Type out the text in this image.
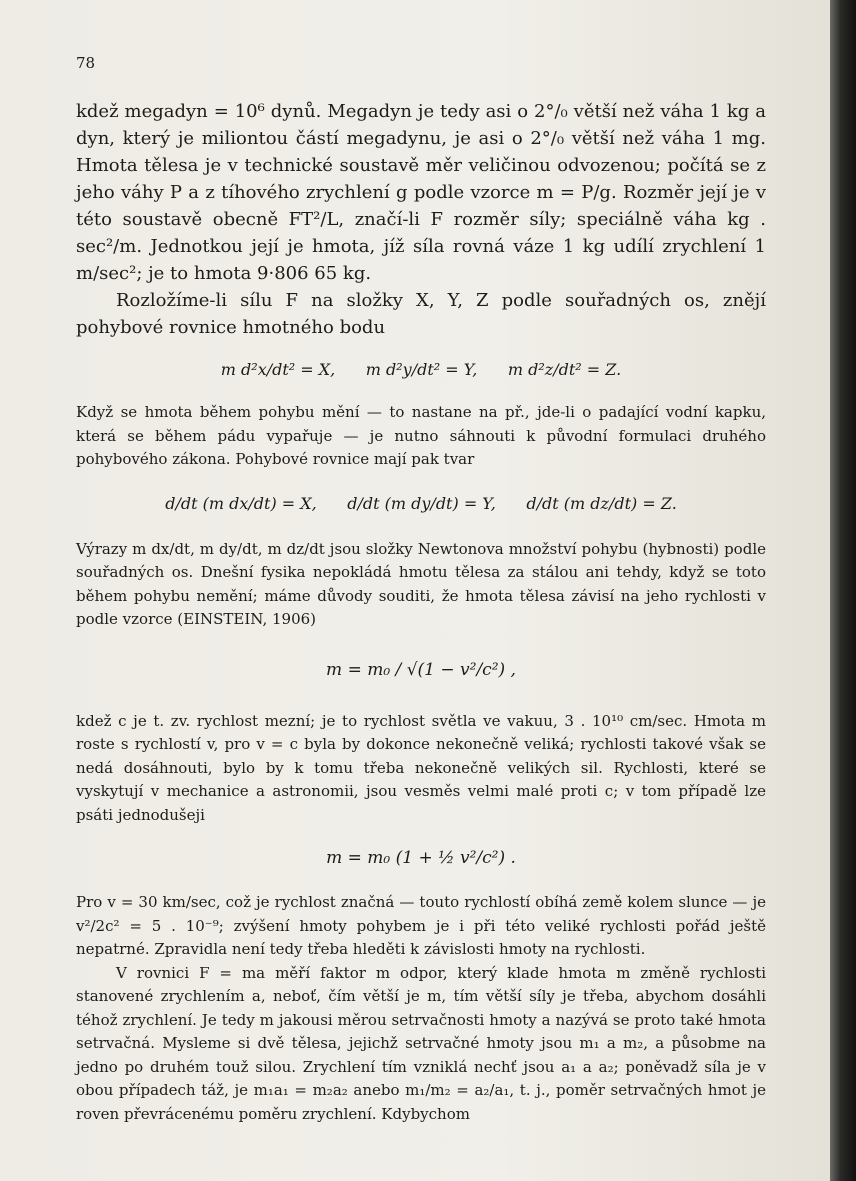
78

kdež megadyn = 10⁶ dynů. Megadyn je tedy asi o 2°/₀ větší než váha 1 kg a dyn, který je miliontou částí megadynu, je asi o 2°/₀ větší než váha 1 mg. Hmota tělesa je v technické soustavě měr veličinou odvozenou; počítá se z jeho váhy P a z tíhového zrychlení g podle vzorce m = P/g. Rozměr její je v této soustavě obecně FT²/L, značí-li F rozměr síly; speciálně váha kg . sec²/m. Jednotkou její je hmota, jíž síla rovná váze 1 kg udílí zrychlení 1 m/sec²; je to hmota 9·806 65 kg.

Rozložíme-li sílu F na složky X, Y, Z podle souřadných os, znějí pohybové rovnice hmotného bodu

m d²x/dt² = X,      m d²y/dt² = Y,      m d²z/dt² = Z.

Když se hmota během pohybu mění — to nastane na př., jde-li o padající vodní kapku, která se během pádu vypařuje — je nutno sáhnouti k původní formulaci druhého pohybového zákona. Pohybové rovnice mají pak tvar

d/dt (m dx/dt) = X,      d/dt (m dy/dt) = Y,      d/dt (m dz/dt) = Z.

Výrazy m dx/dt, m dy/dt, m dz/dt jsou složky Newtonova množství pohybu (hybnosti) podle souřadných os. Dnešní fysika nepokládá hmotu tělesa za stálou ani tehdy, když se toto během pohybu nemění; máme důvody souditi, že hmota tělesa závisí na jeho rychlosti v podle vzorce (EINSTEIN, 1906)

m = m₀ / √(1 − v²/c²) ,

kdež c je t. zv. rychlost mezní; je to rychlost světla ve vakuu, 3 . 10¹⁰ cm/sec. Hmota m roste s rychlostí v, pro v = c byla by dokonce nekonečně veliká; rychlosti takové však se nedá dosáhnouti, bylo by k tomu třeba nekonečně velikých sil. Rychlosti, které se vyskytují v mechanice a astronomii, jsou vesměs velmi malé proti c; v tom případě lze psáti jednodušeji

m = m₀ (1 + ½ v²/c²) .

Pro v = 30 km/sec, což je rychlost značná — touto rychlostí obíhá země kolem slunce — je v²/2c² = 5 . 10⁻⁹; zvýšení hmoty pohybem je i při této veliké rychlosti pořád ještě nepatrné. Zpravidla není tedy třeba hleděti k závislosti hmoty na rychlosti.

V rovnici F = ma měří faktor m odpor, který klade hmota m změně rychlosti stanovené zrychlením a, neboť, čím větší je m, tím větší síly je třeba, abychom dosáhli téhož zrychlení. Je tedy m jakousi měrou setrvačnosti hmoty a nazývá se proto také hmota setrvačná. Mysleme si dvě tělesa, jejichž setrvačné hmoty jsou m₁ a m₂, a působme na jedno po druhém touž silou. Zrychlení tím vzniklá nechť jsou a₁ a a₂; poněvadž síla je v obou případech táž, je m₁a₁ = m₂a₂ anebo m₁/m₂ = a₂/a₁, t. j., poměr setrvačných hmot je roven převrácenému poměru zrychlení. Kdybychom
